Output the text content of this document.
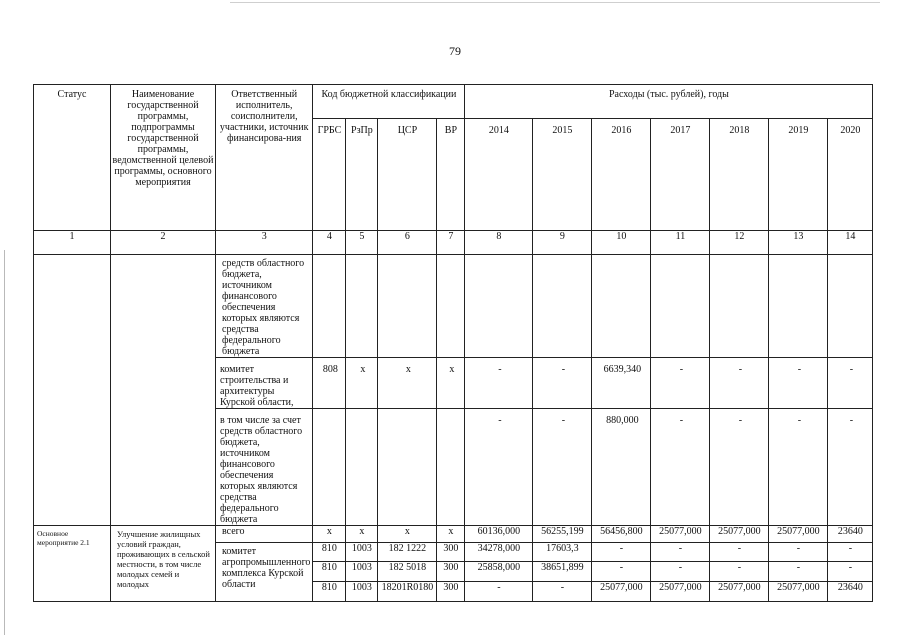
79
Статус	Наименование государственной программы, подпрограммы государственной программы, ведомственной целевой программы, основного мероприятия	Ответственный исполнитель, соисполнители, участники, источник финансирова-ния	Код бюджетной классификации				Расходы (тыс. рублей), годы						
			ГРБС	РзПр	ЦСР	ВР	2014	2015	2016	2017	2018	2019	2020
1	2	3	4	5	6	7	8	9	10	11	12	13	14
		средств областного бюджета, источником финансового обеспечения которых являются средства федерального бюджета											
		комитет строительства и архитектуры Курской области,	808	х	х	х	-	-	6639,340	-	-	-	-
		в том числе за счет средств областного бюджета, источником финансового обеспечения которых являются средства федерального бюджета					-	-	880,000	-	-	-	-
Основное мероприятие 2.1	Улучшение жилищных условий граждан, проживающих в сельской местности, в том числе молодых семей и молодых	всего	х	х	х	х	60136,000	56255,199	56456,800	25077,000	25077,000	25077,000	23640
		комитет агропромышленного комплекса Курской области	810	1003	182 1222	300	34278,000	17603,3	-	-	-	-	-
			810	1003	182 5018	300	25858,000	38651,899	-	-	-	-	-
			810	1003	18201R0180	300	-	-	25077,000	25077,000	25077,000	25077,000	23640
